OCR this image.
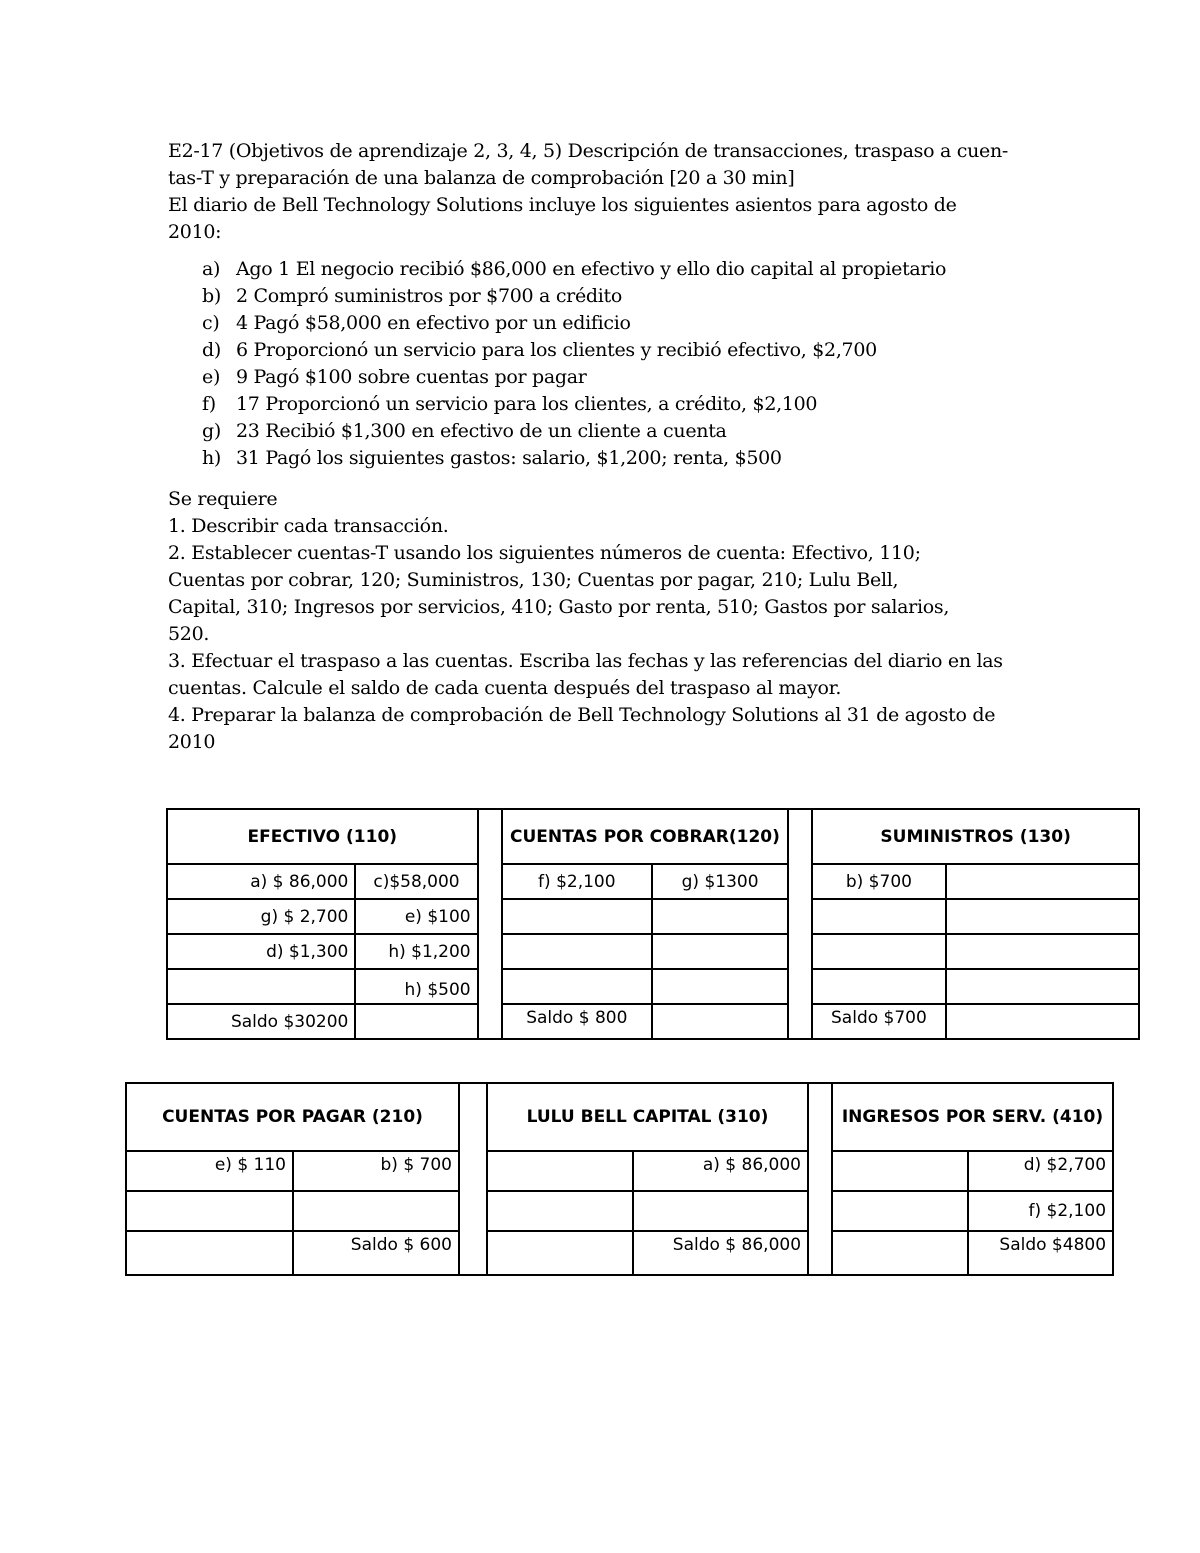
E2-17 (Objetivos de aprendizaje 2, 3, 4, 5) Descripción de transacciones, traspaso a cuen-

tas-T y preparación de una balanza de comprobación [20 a 30 min]

El diario de Bell Technology Solutions incluye los siguientes asientos para agosto de

2010:

a) Ago 1 El negocio recibió $86,000 en efectivo y ello dio capital al propietario
b) 2 Compró suministros por $700 a crédito
c) 4 Pagó $58,000 en efectivo por un edificio
d) 6 Proporcionó un servicio para los clientes y recibió efectivo, $2,700
e) 9 Pagó $100 sobre cuentas por pagar
f)	17 Proporcionó un servicio para los clientes, a crédito, $2,100
g) 23 Recibió $1,300 en efectivo de un cliente a cuenta
h) 31 Pagó los siguientes gastos: salario, $1,200; renta, $500

Se requiere

1. Describir cada transacción.

2. Establecer cuentas-T usando los siguientes números de cuenta: Efectivo, 110;

Cuentas por cobrar, 120; Suministros, 130; Cuentas por pagar, 210; Lulu Bell,

Capital, 310; Ingresos por servicios, 410; Gasto por renta, 510; Gastos por salarios,

520.

3. Efectuar el traspaso a las cuentas. Escriba las fechas y las referencias del diario en las

cuentas. Calcule el saldo de cada cuenta después del traspaso al mayor.

4. Preparar la balanza de comprobación de Bell Technology Solutions al 31 de agosto de

2010

EFECTIVO (110)			CUENTAS POR COBRAR(120)			SUMINISTROS (130)	
a) $ 86,000	c)$58,000		f) $2,100	g) $1300		b) $700	
g) $ 2,700	e) $100						
d) $1,300	h) $1,200						
	h) $500						
Saldo $30200			Saldo $ 800			Saldo $700	
CUENTAS POR PAGAR (210)			LULU BELL CAPITAL (310)			INGRESOS POR SERV. (410)	
e) $ 110	b) $ 700			a) $ 86,000			d) $2,700
							f) $2,100
	Saldo $ 600			Saldo $ 86,000			Saldo $4800
